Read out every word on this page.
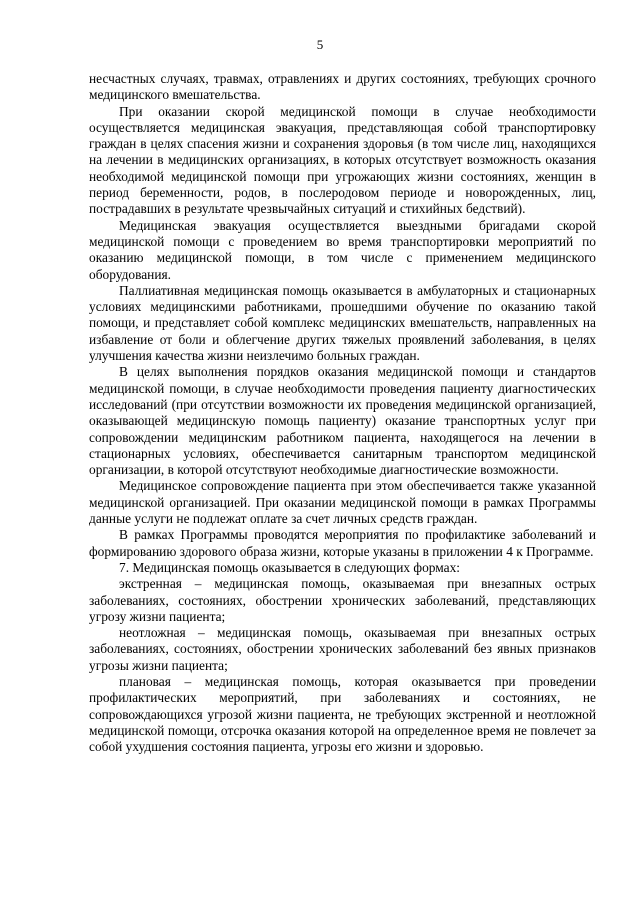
5

несчастных случаях, травмах, отравлениях и других состояниях, требующих срочного медицинского вмешательства.

При оказании скорой медицинской помощи в случае необходимости осуществляется медицинская эвакуация, представляющая собой транспортировку граждан в целях спасения жизни и сохранения здоровья (в том числе лиц, находящихся на лечении в медицинских организациях, в которых отсутствует возможность оказания необходимой медицинской помощи при угрожающих жизни состояниях, женщин в период беременности, родов, в послеродовом периоде и новорожденных, лиц, пострадавших в результате чрезвычайных ситуаций и стихийных бедствий).

Медицинская эвакуация осуществляется выездными бригадами скорой медицинской помощи с проведением во время транспортировки мероприятий по оказанию медицинской помощи, в том числе с применением медицинского оборудования.

Паллиативная медицинская помощь оказывается в амбулаторных и стационарных условиях медицинскими работниками, прошедшими обучение по оказанию такой помощи, и представляет собой комплекс медицинских вмешательств, направленных на избавление от боли и облегчение других тяжелых проявлений заболевания, в целях улучшения качества жизни неизлечимо больных граждан.

В целях выполнения порядков оказания медицинской помощи и стандартов медицинской помощи, в случае необходимости проведения пациенту диагностических исследований (при отсутствии возможности их проведения медицинской организацией, оказывающей медицинскую помощь пациенту) оказание транспортных услуг при сопровождении медицинским работником пациента, находящегося на лечении в стационарных условиях, обеспечивается санитарным транспортом медицинской организации, в которой отсутствуют необходимые диагностические возможности.

Медицинское сопровождение пациента при этом обеспечивается также указанной медицинской организацией. При оказании медицинской помощи в рамках Программы данные услуги не подлежат оплате за счет личных средств граждан.

В рамках Программы проводятся мероприятия по профилактике заболеваний и формированию здорового образа жизни, которые указаны в приложении 4 к Программе.

7. Медицинская помощь оказывается в следующих формах:

экстренная – медицинская помощь, оказываемая при внезапных острых заболеваниях, состояниях, обострении хронических заболеваний, представляющих угрозу жизни пациента;

неотложная – медицинская помощь, оказываемая при внезапных острых заболеваниях, состояниях, обострении хронических заболеваний без явных признаков угрозы жизни пациента;

плановая – медицинская помощь, которая оказывается при проведении профилактических мероприятий, при заболеваниях и состояниях, не сопровождающихся угрозой жизни пациента, не требующих экстренной и неотложной медицинской помощи, отсрочка оказания которой на определенное время не повлечет за собой ухудшения состояния пациента, угрозы его жизни и здоровью.
